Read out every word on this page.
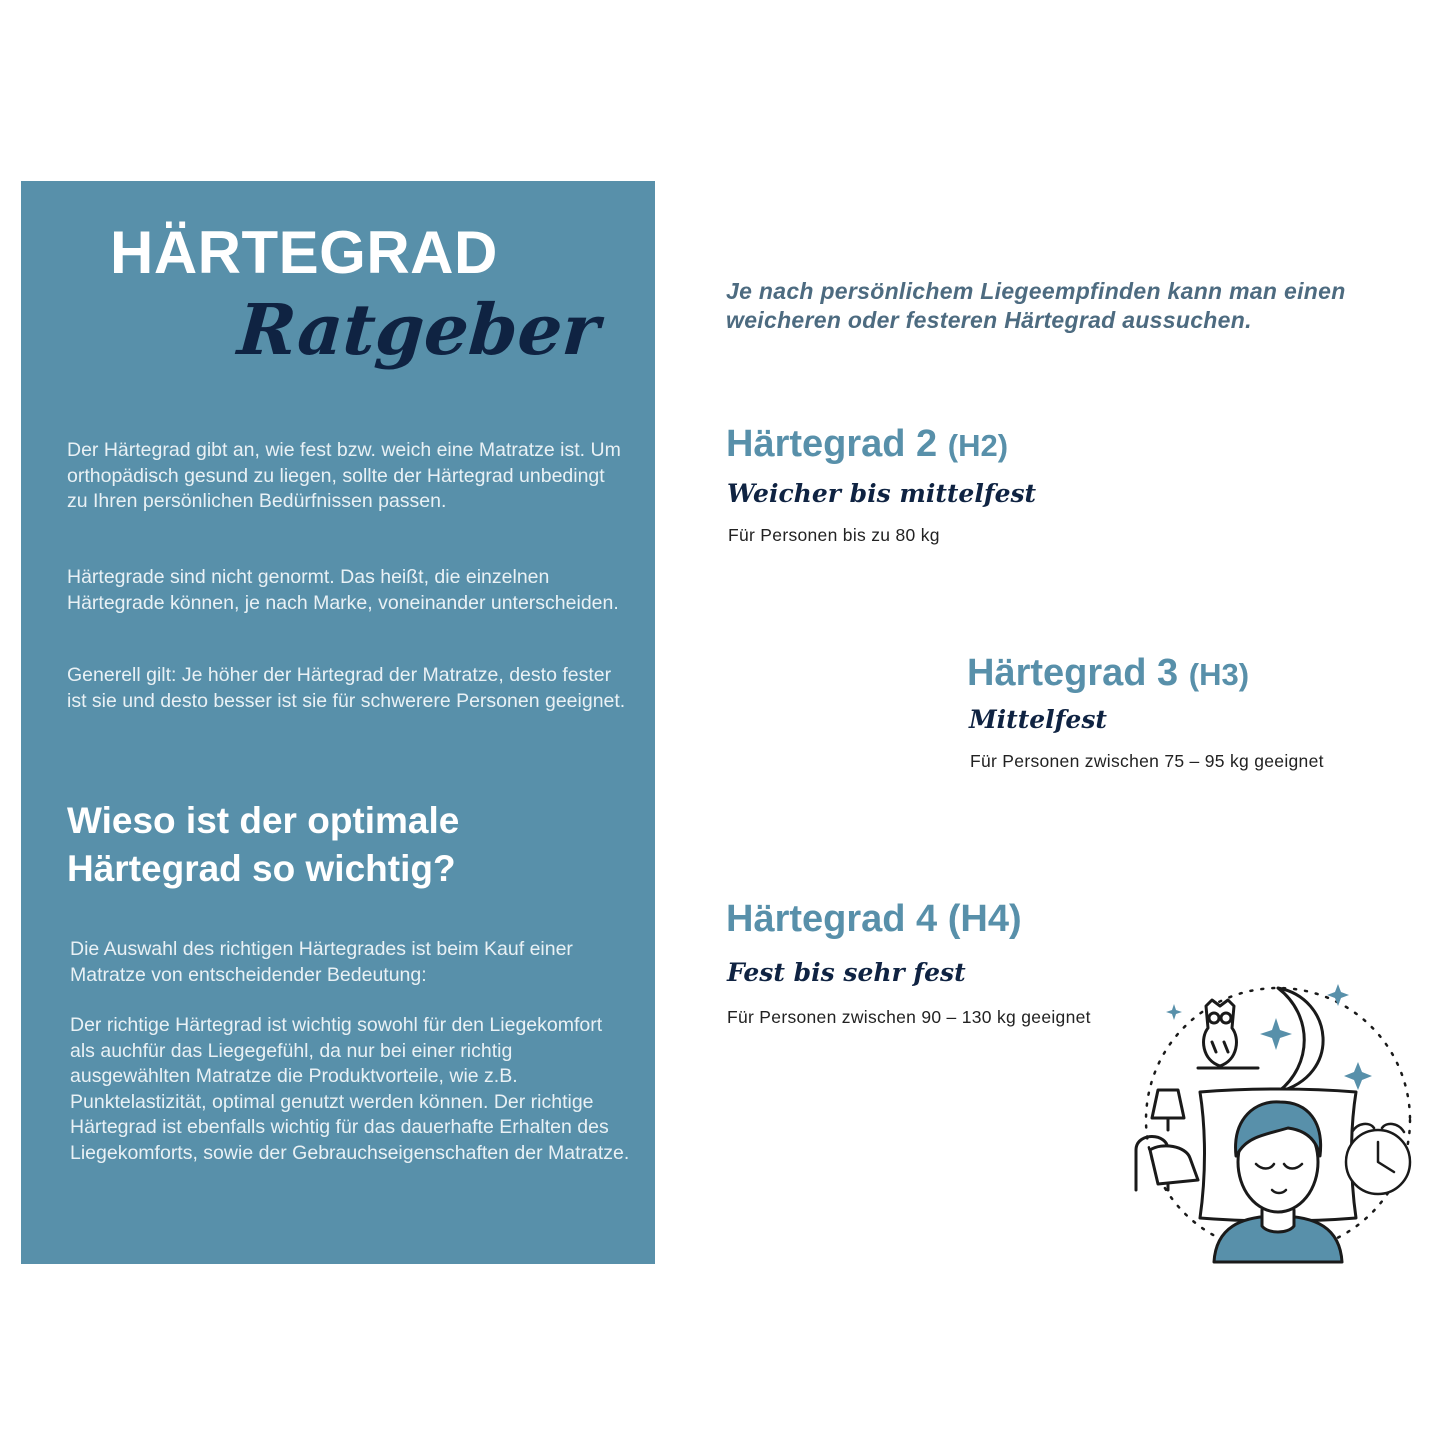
HÄRTEGRAD
Ratgeber

Der Härtegrad gibt an, wie fest bzw. weich eine Matratze ist. Um orthopädisch gesund zu liegen, sollte der Härtegrad unbedingt zu Ihren persönlichen Bedürfnissen passen.

Härtegrade sind nicht genormt. Das heißt, die einzelnen Härtegrade können, je nach Marke, voneinander unterscheiden.

Generell gilt: Je höher der Härtegrad der Matratze, desto fester ist sie und desto besser ist sie für schwerere Personen geeignet.

Wieso ist der optimale Härtegrad so wichtig?

Die Auswahl des richtigen Härtegrades ist beim Kauf einer Matratze von entscheidender Bedeutung:

Der richtige Härtegrad ist wichtig sowohl für den Liegekomfort als auchfür das Liegegefühl, da nur bei einer richtig ausgewählten Matratze die Produktvorteile, wie z.B. Punktelastizität, optimal genutzt werden können. Der richtige Härtegrad ist ebenfalls wichtig für das dauerhafte Erhalten des Liegekomforts, sowie der Gebrauchseigenschaften der Matratze.

Je nach persönlichem Liegeempfinden kann man einen weicheren oder festeren Härtegrad aussuchen.

Härtegrad 2 (H2)
Weicher bis mittelfest
Für Personen bis zu 80 kg
Härtegrad 3 (H3)
Mittelfest
Für Personen zwischen 75 – 95 kg geeignet
Härtegrad 4 (H4)
Fest bis sehr fest
Für Personen zwischen 90 – 130 kg geeignet
